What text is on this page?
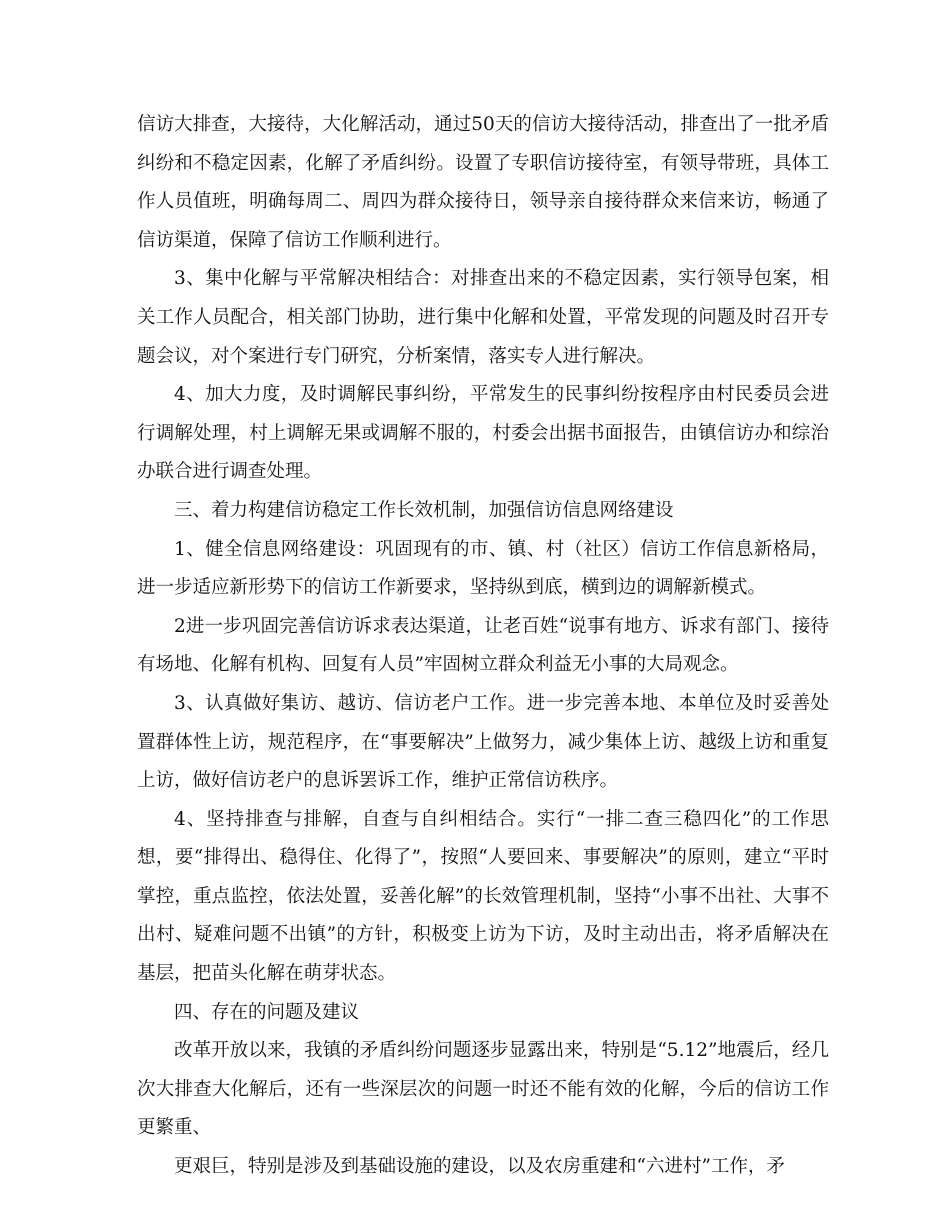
信访大排查，大接待，大化解活动，通过50天的信访大接待活动，排查出了一批矛盾纠纷和不稳定因素，化解了矛盾纠纷。设置了专职信访接待室，有领导带班，具体工作人员值班，明确每周二、周四为群众接待日，领导亲自接待群众来信来访，畅通了信访渠道，保障了信访工作顺利进行。

3、集中化解与平常解决相结合：对排查出来的不稳定因素，实行领导包案，相关工作人员配合，相关部门协助，进行集中化解和处置，平常发现的问题及时召开专题会议，对个案进行专门研究，分析案情，落实专人进行解决。

4、加大力度，及时调解民事纠纷，平常发生的民事纠纷按程序由村民委员会进行调解处理，村上调解无果或调解不服的，村委会出据书面报告，由镇信访办和综治办联合进行调查处理。

三、着力构建信访稳定工作长效机制，加强信访信息网络建设

1、健全信息网络建设：巩固现有的市、镇、村（社区）信访工作信息新格局，进一步适应新形势下的信访工作新要求，坚持纵到底，横到边的调解新模式。

2进一步巩固完善信访诉求表达渠道，让老百姓“说事有地方、诉求有部门、接待有场地、化解有机构、回复有人员”牢固树立群众利益无小事的大局观念。

3、认真做好集访、越访、信访老户工作。进一步完善本地、本单位及时妥善处置群体性上访，规范程序，在“事要解决”上做努力，减少集体上访、越级上访和重复上访，做好信访老户的息诉罢诉工作，维护正常信访秩序。

4、坚持排查与排解，自查与自纠相结合。实行“一排二查三稳四化”的工作思想，要“排得出、稳得住、化得了”，按照“人要回来、事要解决”的原则，建立“平时掌控，重点监控，依法处置，妥善化解”的长效管理机制，坚持“小事不出社、大事不出村、疑难问题不出镇”的方针，积极变上访为下访，及时主动出击，将矛盾解决在基层，把苗头化解在萌芽状态。

四、存在的问题及建议

改革开放以来，我镇的矛盾纠纷问题逐步显露出来，特别是“5.12”地震后，经几次大排查大化解后，还有一些深层次的问题一时还不能有效的化解，今后的信访工作更繁重、

更艰巨，特别是涉及到基础设施的建设，以及农房重建和“六进村”工作，矛
